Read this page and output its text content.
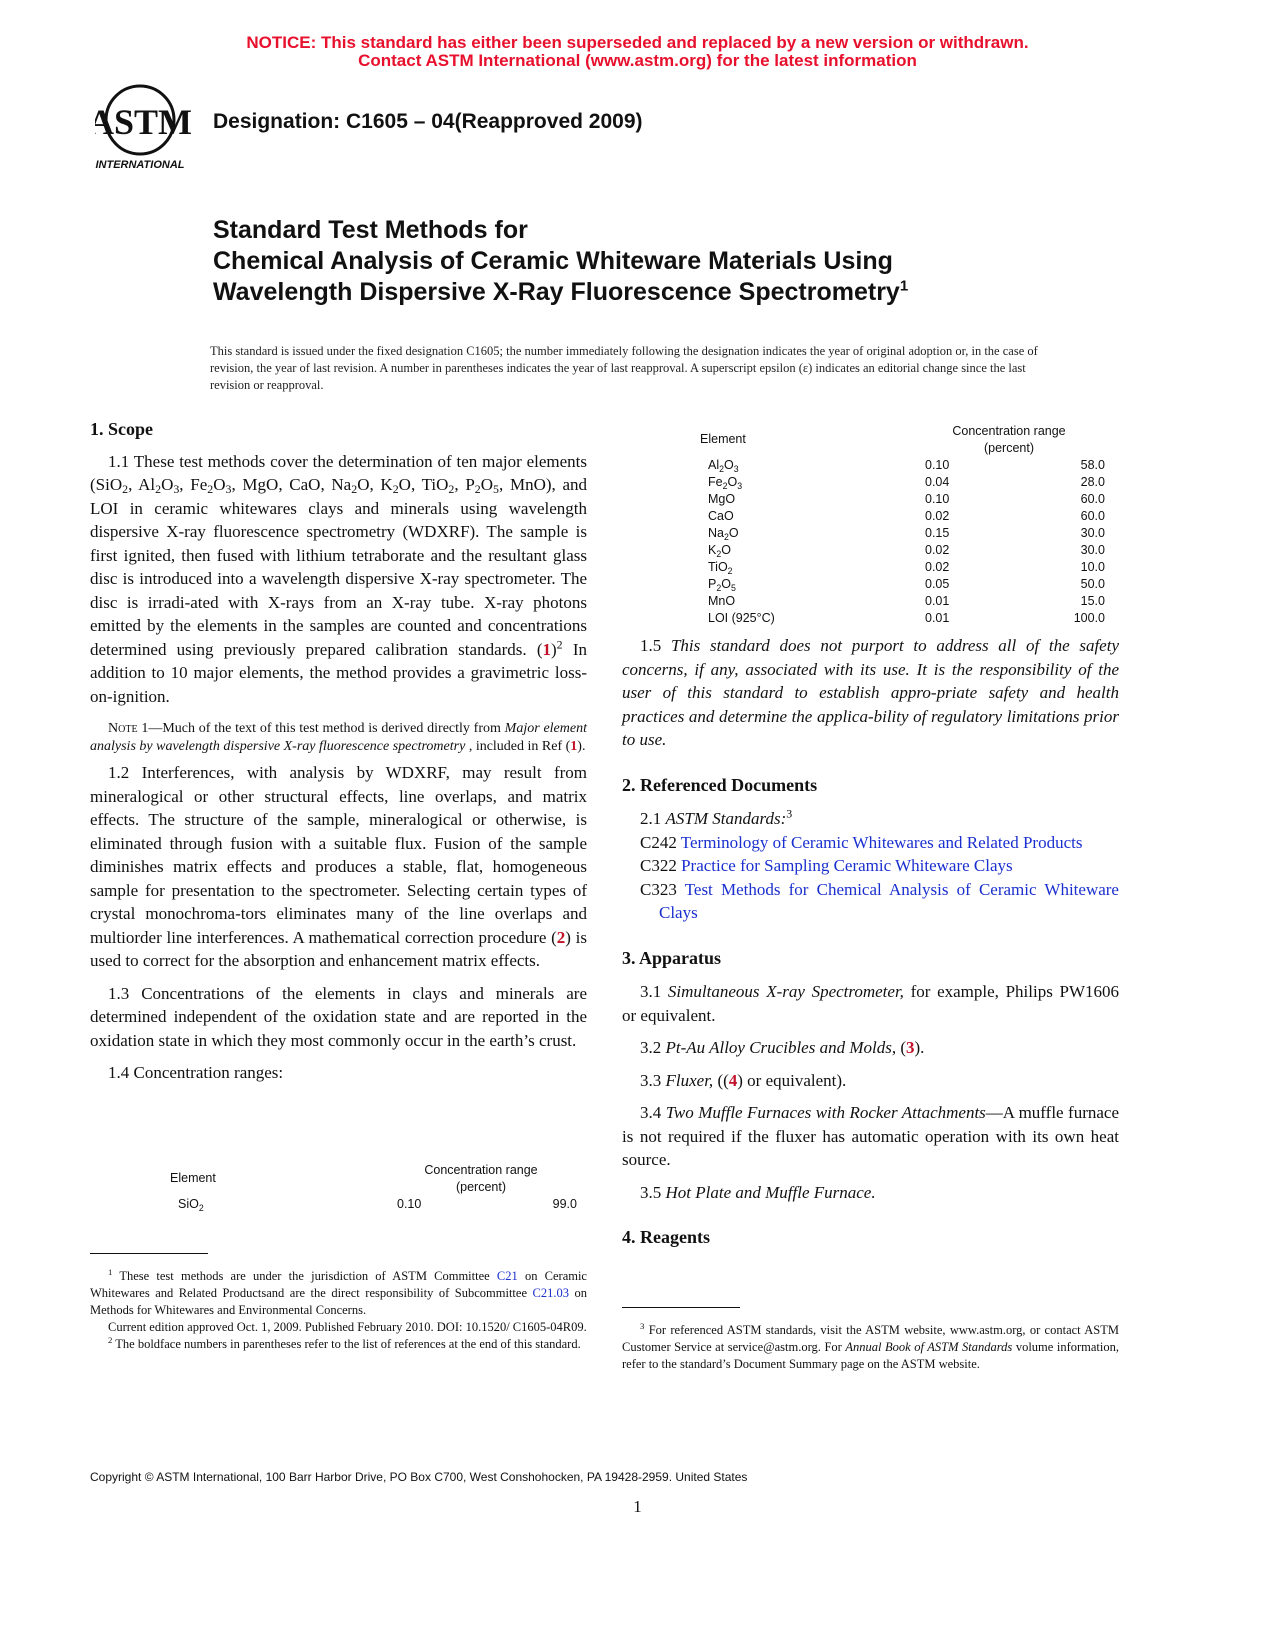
NOTICE: This standard has either been superseded and replaced by a new version or withdrawn.
Contact ASTM International (www.astm.org) for the latest information
ASTM
INTERNATIONAL
Designation: C1605 – 04(Reapproved 2009)
Standard Test Methods for
Chemical Analysis of Ceramic Whiteware Materials Using
Wavelength Dispersive X-Ray Fluorescence Spectrometry$^1$
This standard is issued under the fixed designation C1605; the number immediately following the designation indicates the year of original adoption or, in the case of revision, the year of last revision. A number in parentheses indicates the year of last reapproval. A superscript epsilon (ε) indicates an editorial change since the last revision or reapproval.

1. Scope

1.1 These test methods cover the determination of ten major elements (SiO$_2$, $Al_2O_3$, $Fe_2O_3$, MgO, CaO, $Na_2O$, $K_2O$, TiO$_2$, $P_2O_5$, MnO), and LOI in ceramic whitewares clays and minerals using wavelength dispersive X-ray fluorescence spectrometry (WDXRF). The sample is first ignited, then fused with lithium tetraborate and the resultant glass disc is introduced into a wavelength dispersive X-ray spectrometer. The disc is irradi-ated with X-rays from an X-ray tube. X-ray photons emitted by the elements in the samples are counted and concentrations determined using previously prepared calibration standards. $(1)^2$ In addition to 10 major elements, the method provides a gravimetric loss-on-ignition.

Note 1—Much of the text of this test method is derived directly from Major element analysis by wavelength dispersive X-ray fluorescence spectrometry , included in Ref (1).

1.2 Interferences, with analysis by WDXRF, may result from mineralogical or other structural effects, line overlaps, and matrix effects. The structure of the sample, mineralogical or otherwise, is eliminated through fusion with a suitable flux. Fusion of the sample diminishes matrix effects and produces a stable, flat, homogeneous sample for presentation to the spectrometer. Selecting certain types of crystal monochroma-tors eliminates many of the line overlaps and multiorder line interferences. A mathematical correction procedure (2) is used to correct for the absorption and enhancement matrix effects.

1.3 Concentrations of the elements in clays and minerals are determined independent of the oxidation state and are reported in the oxidation state in which they most commonly occur in the earth’s crust.

1.4 Concentration ranges:

Element	Concentration range
(percent)	

SiO$_2$	0.10	99.0
$^1$ These test methods are under the jurisdiction of ASTM Committee C21 on Ceramic Whitewares and Related Productsand are the direct responsibility of Subcommittee C21.03 on Methods for Whitewares and Environmental Concerns.
Current edition approved Oct. 1, 2009. Published February 2010. DOI: 10.1520/ C1605-04R09.
$^2$ The boldface numbers in parentheses refer to the list of references at the end of this standard.
Element	Concentration range
(percent)	

$Al_2O_3$	0.10	58.0
$Fe_2O_3$	0.04	28.0
MgO	0.10	60.0
CaO	0.02	60.0
$Na_2O$	0.15	30.0
$K_2O$	0.02	30.0
TiO$_2$	0.02	10.0
$P_2O_5$	0.05	50.0
MnO	0.01	15.0
LOI (925°C)	0.01	100.0

1.5 This standard does not purport to address all of the safety concerns, if any, associated with its use. It is the responsibility of the user of this standard to establish appro-priate safety and health practices and determine the applica-bility of regulatory limitations prior to use.

2. Referenced Documents

2.1 ASTM Standards:$^3$

C242 Terminology of Ceramic Whitewares and Related Products
C322 Practice for Sampling Ceramic Whiteware Clays
C323 Test Methods for Chemical Analysis of Ceramic Whiteware Clays

3. Apparatus

3.1 Simultaneous X-ray Spectrometer, for example, Philips PW1606 or equivalent.

3.2 Pt-Au Alloy Crucibles and Molds, (3).

3.3 Fluxer, ((4) or equivalent).

3.4 Two Muffle Furnaces with Rocker Attachments—A muffle furnace is not required if the fluxer has automatic operation with its own heat source.

3.5 Hot Plate and Muffle Furnace.

4. Reagents

$^3$ For referenced ASTM standards, visit the ASTM website, www.astm.org, or contact ASTM Customer Service at service@astm.org. For Annual Book of ASTM Standards volume information, refer to the standard’s Document Summary page on the ASTM website.
Copyright © ASTM International, 100 Barr Harbor Drive, PO Box C700, West Conshohocken, PA 19428-2959. United States
1
